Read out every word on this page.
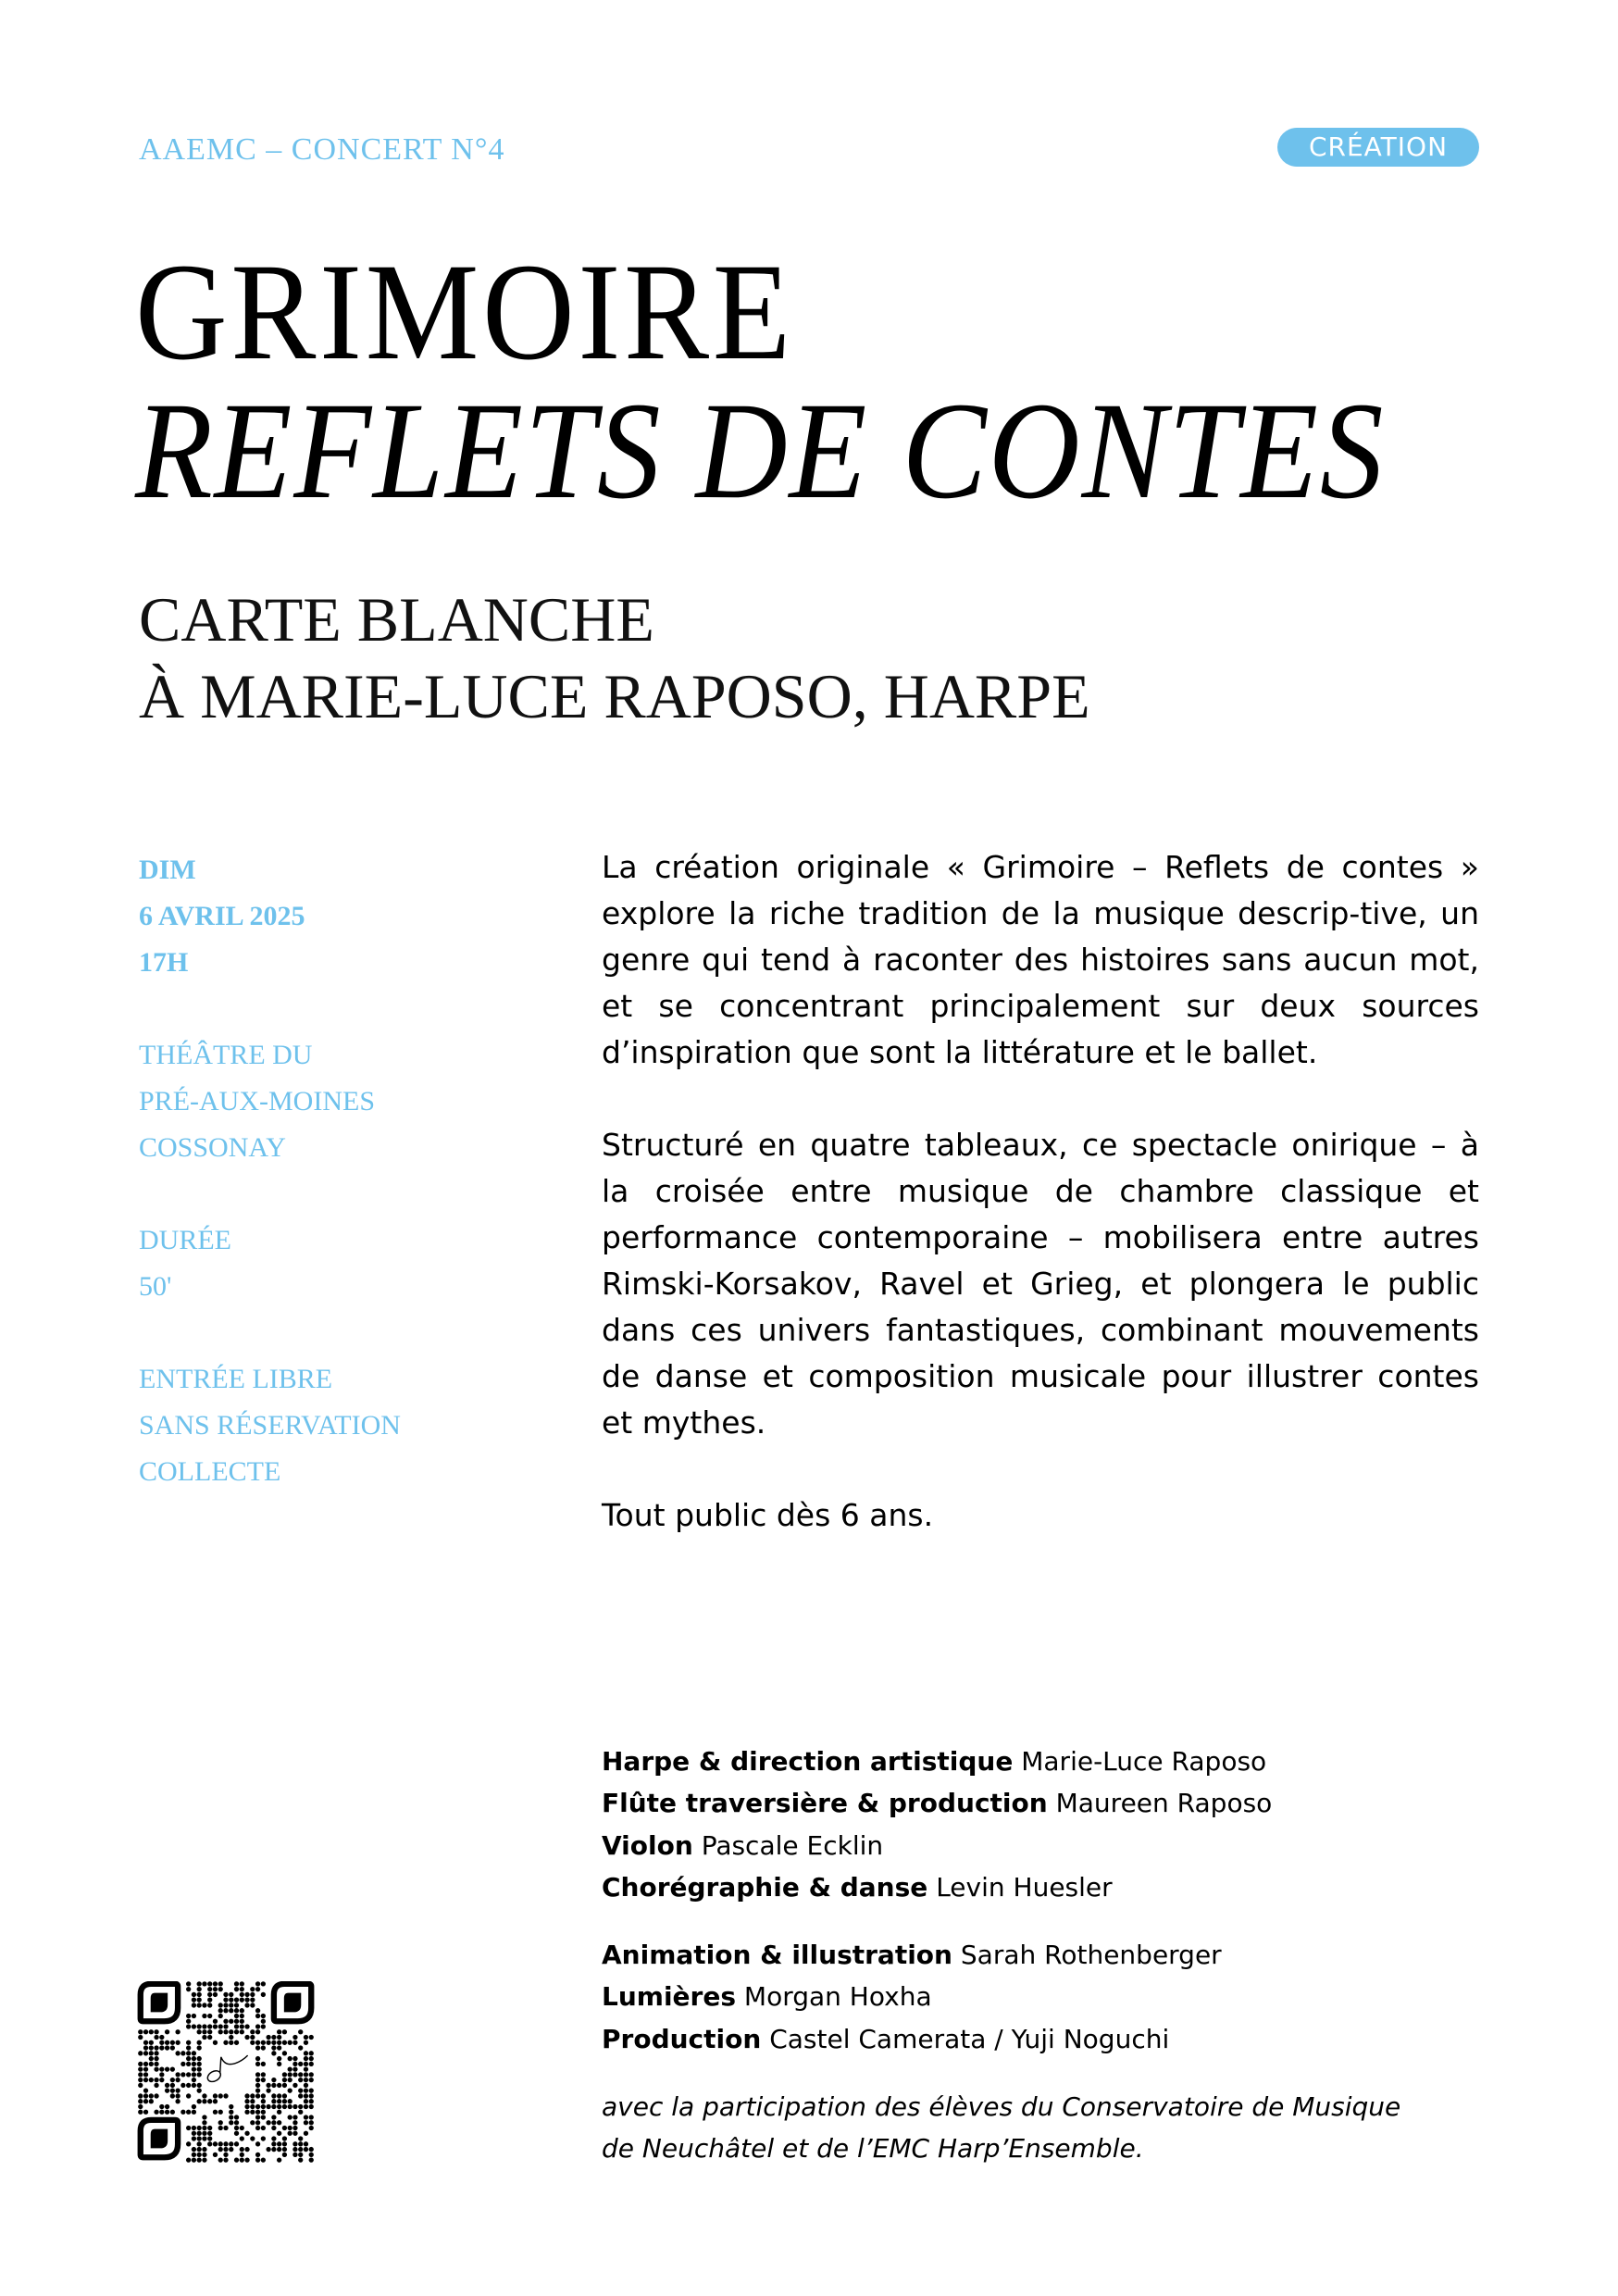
AAEMC – CONCERT N°4	CRÉATION
GRIMOIRE
REFLETS DE CONTES
CARTE BLANCHE
À MARIE-LUCE RAPOSO, HARPE
DIM
6 AVRIL 2025
17H
THÉÂTRE DU
PRÉ-AUX-MOINES
COSSONAY
DURÉE
50'
ENTRÉE LIBRE
SANS RÉSERVATION
COLLECTE

La création originale « Grimoire – Reflets de contes » explore la riche tradition de la musique descrip-tive, un genre qui tend à raconter des histoires sans aucun mot, et se concentrant principalement sur deux sources d’inspiration que sont la littérature et le ballet.

Structuré en quatre tableaux, ce spectacle onirique – à la croisée entre musique de chambre classique et performance contemporaine – mobilisera entre autres Rimski-Korsakov, Ravel et Grieg, et plongera le public dans ces univers fantastiques, combinant mouvements de danse et composition musicale pour illustrer contes et mythes.

Tout public dès 6 ans.

Harpe & direction artistique Marie-Luce Raposo
Flûte traversière & production Maureen Raposo
Violon Pascale Ecklin
Chorégraphie & danse Levin Huesler
Animation & illustration Sarah Rothenberger
Lumières Morgan Hoxha
Production Castel Camerata / Yuji Noguchi
avec la participation des élèves du Conservatoire de Musique
de Neuchâtel et de l’EMC Harp’Ensemble.
